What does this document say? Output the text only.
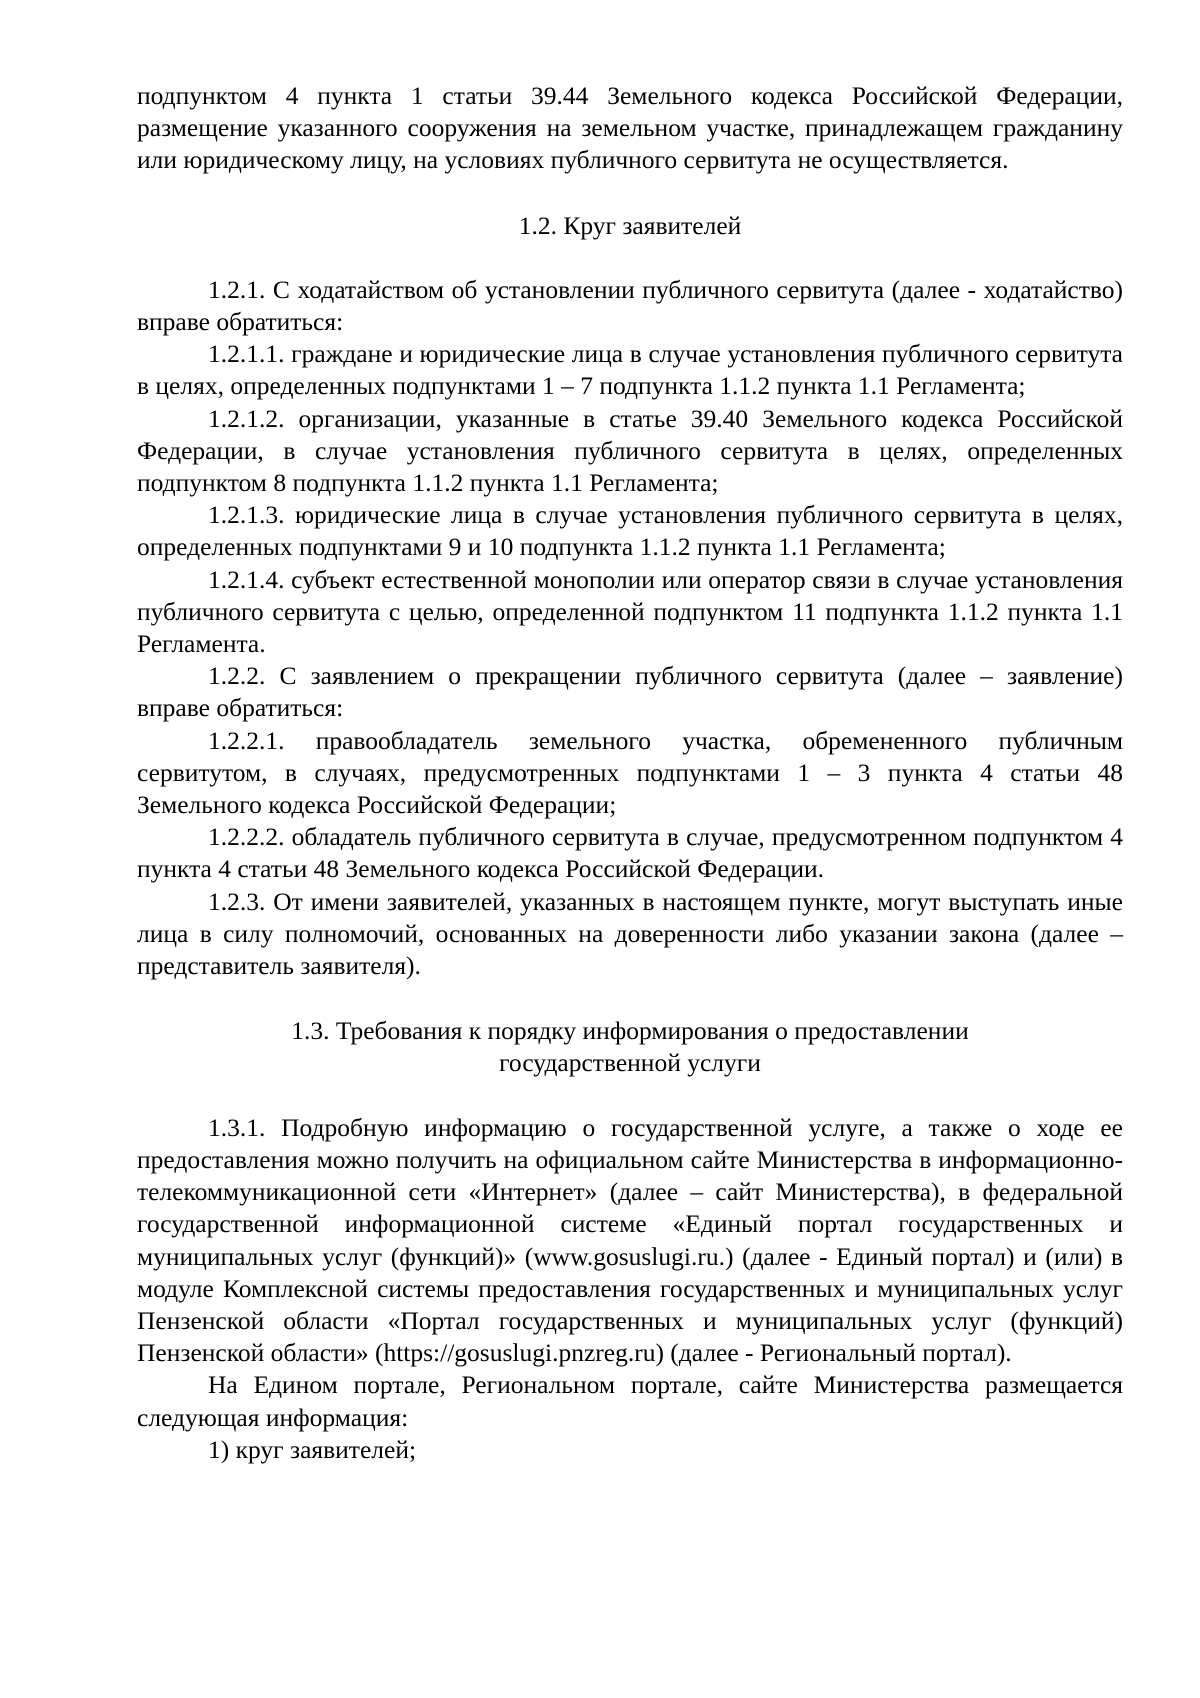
подпунктом 4 пункта 1 статьи 39.44 Земельного кодекса Российской Федерации, размещение указанного сооружения на земельном участке, принадлежащем гражданину или юридическому лицу, на условиях публичного сервитута не осуществляется.

1.2. Круг заявителей

1.2.1. С ходатайством об установлении публичного сервитута (далее - ходатайство) вправе обратиться:

1.2.1.1. граждане и юридические лица в случае установления публичного сервитута в целях, определенных подпунктами 1 – 7 подпункта 1.1.2 пункта 1.1 Регламента;

1.2.1.2. организации, указанные в статье 39.40 Земельного кодекса Российской Федерации, в случае установления публичного сервитута в целях, определенных подпунктом 8 подпункта 1.1.2 пункта 1.1 Регламента;

1.2.1.3. юридические лица в случае установления публичного сервитута в целях, определенных подпунктами 9 и 10 подпункта 1.1.2 пункта 1.1 Регламента;

1.2.1.4. субъект естественной монополии или оператор связи в случае установления публичного сервитута с целью, определенной подпунктом 11 подпункта 1.1.2 пункта 1.1 Регламента.

1.2.2. С заявлением о прекращении публичного сервитута (далее – заявление) вправе обратиться:

1.2.2.1. правообладатель земельного участка, обремененного публичным сервитутом, в случаях, предусмотренных подпунктами 1 – 3 пункта 4 статьи 48 Земельного кодекса Российской Федерации;

1.2.2.2. обладатель публичного сервитута в случае, предусмотренном подпунктом 4 пункта 4 статьи 48 Земельного кодекса Российской Федерации.

1.2.3. От имени заявителей, указанных в настоящем пункте, могут выступать иные лица в силу полномочий, основанных на доверенности либо указании закона (далее – представитель заявителя).

1.3. Требования к порядку информирования о предоставлении

государственной услуги

1.3.1. Подробную информацию о государственной услуге, а также о ходе ее предоставления можно получить на официальном сайте Министерства в информационно-телекоммуникационной сети «Интернет» (далее – сайт Министерства), в федеральной государственной информационной системе «Единый портал государственных и муниципальных услуг (функций)» (www.gosuslugi.ru.) (далее - Единый портал) и (или) в модуле Комплексной системы предоставления государственных и муниципальных услуг Пензенской области «Портал государственных и муниципальных услуг (функций) Пензенской области» (https://gosuslugi.pnzreg.ru) (далее - Региональный портал).

На Едином портале, Региональном портале, сайте Министерства размещается следующая информация:

1) круг заявителей;
